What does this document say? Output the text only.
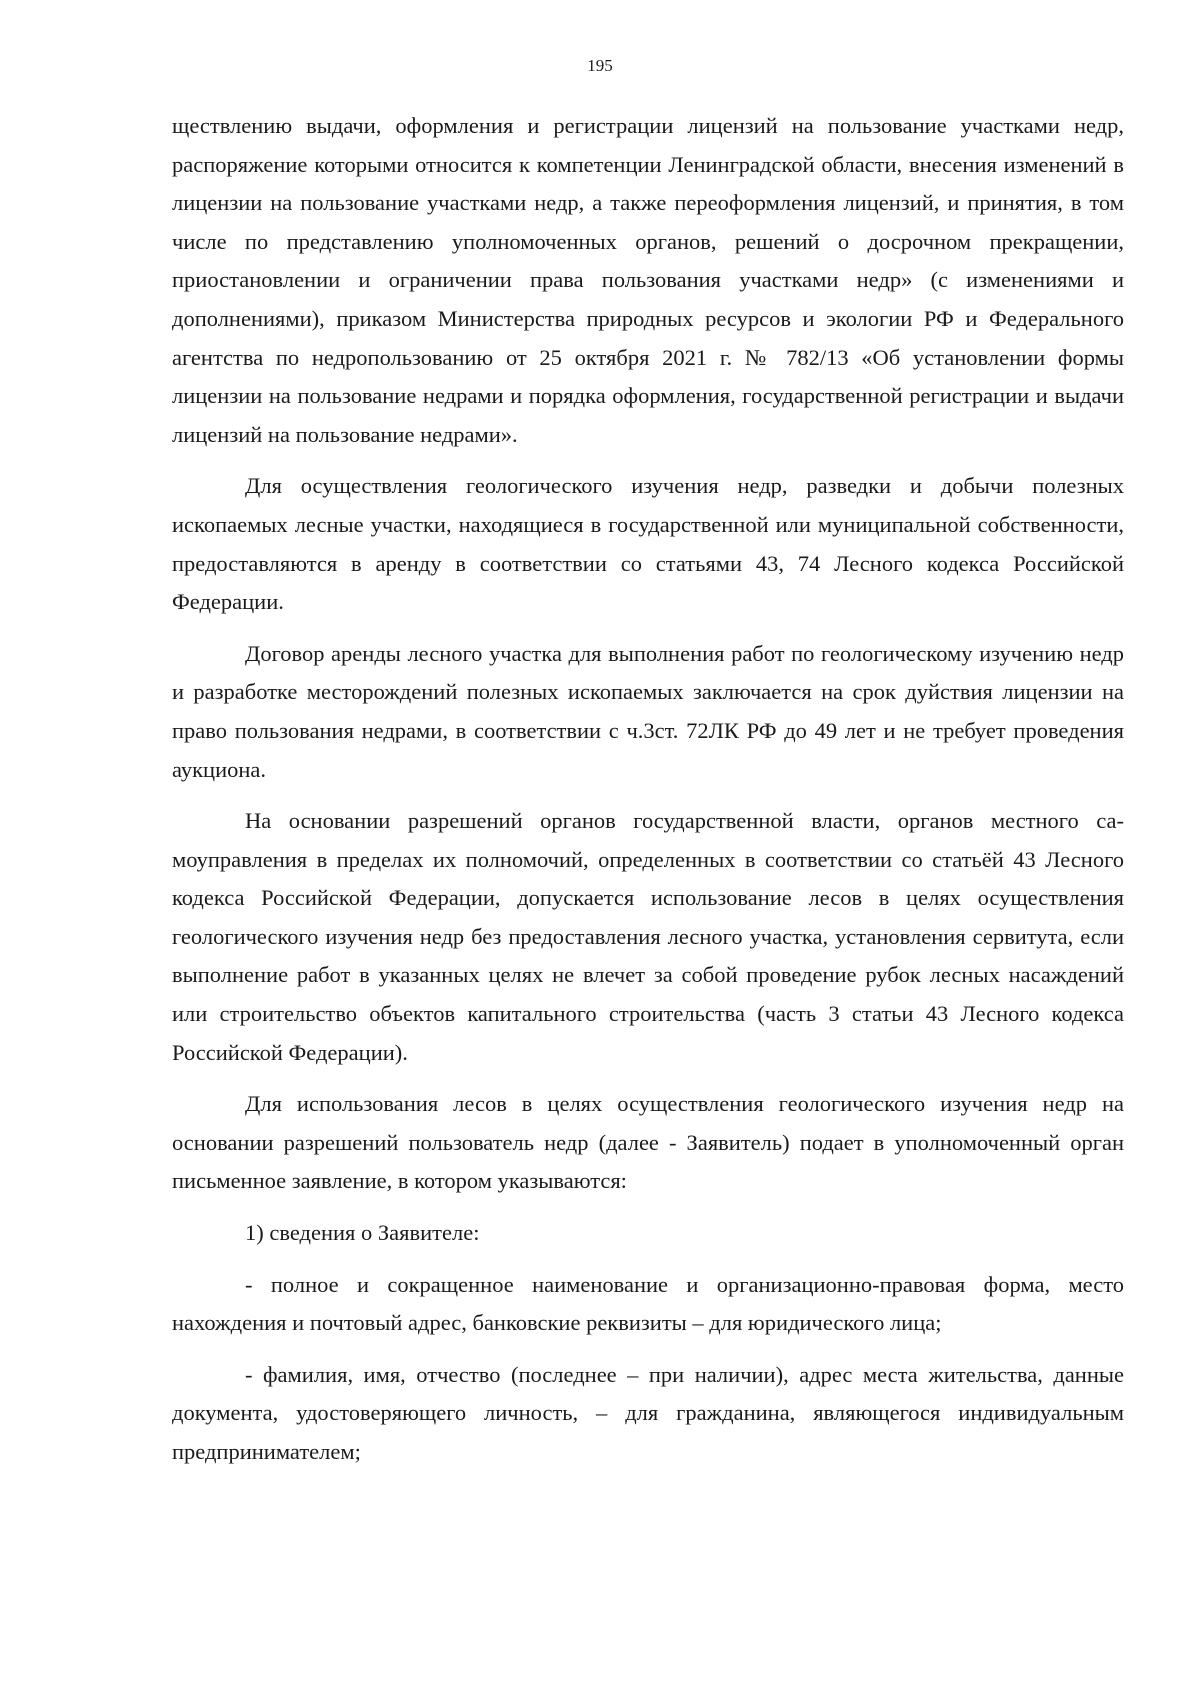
195

ществлению выдачи, оформления и регистрации лицензий на пользование участками недр, распоряжение которыми относится к компетенции Ленинградской области, внесения изменений в лицензии на пользование участками недр, а также переоформления лицензий, и принятия, в том числе по представлению уполномоченных органов, решений о досрочном прекращении, приостановлении и ограничении права пользования участками недр» (с изменениями и дополнениями), приказом Министерства природных ресурсов и экологии РФ и Федерального агентства по недропользованию от 25 октября 2021 г. № 782/13 «Об установлении формы лицензии на пользование недрами и порядка оформления, государственной регистрации и выдачи лицензий на пользование недрами».

Для осуществления геологического изучения недр, разведки и добычи полезных ископаемых лесные участки, находящиеся в государственной или муниципальной собственности, предоставляются в аренду в соответствии со статьями 43, 74 Лесного кодекса Российской Федерации.

Договор аренды лесного участка для выполнения работ по геологическому изучению недр и разработке месторождений полезных ископаемых заключается на срок дуйствия лицензии на право пользования недрами, в соответствии с ч.3ст. 72ЛК РФ до 49 лет и не требует проведения аукциона.

На основании разрешений органов государственной власти, органов местного самоуправления в пределах их полномочий, определенных в соответствии со статьёй 43 Лесного кодекса Российской Федерации, допускается использование лесов в целях осуществления геологического изучения недр без предоставления лесного участка, установления сервитута, если выполнение работ в указанных целях не влечет за собой проведение рубок лесных насаждений или строительство объектов капитального строительства (часть 3 статьи 43 Лесного кодекса Российской Федерации).

Для использования лесов в целях осуществления геологического изучения недр на основании разрешений пользователь недр (далее - Заявитель) подает в уполномоченный орган письменное заявление, в котором указываются:

1) сведения о Заявителе:

- полное и сокращенное наименование и организационно-правовая форма, место нахождения и почтовый адрес, банковские реквизиты – для юридического лица;

- фамилия, имя, отчество (последнее – при наличии), адрес места жительства, данные документа, удостоверяющего личность, – для гражданина, являющегося индивидуальным предпринимателем;
